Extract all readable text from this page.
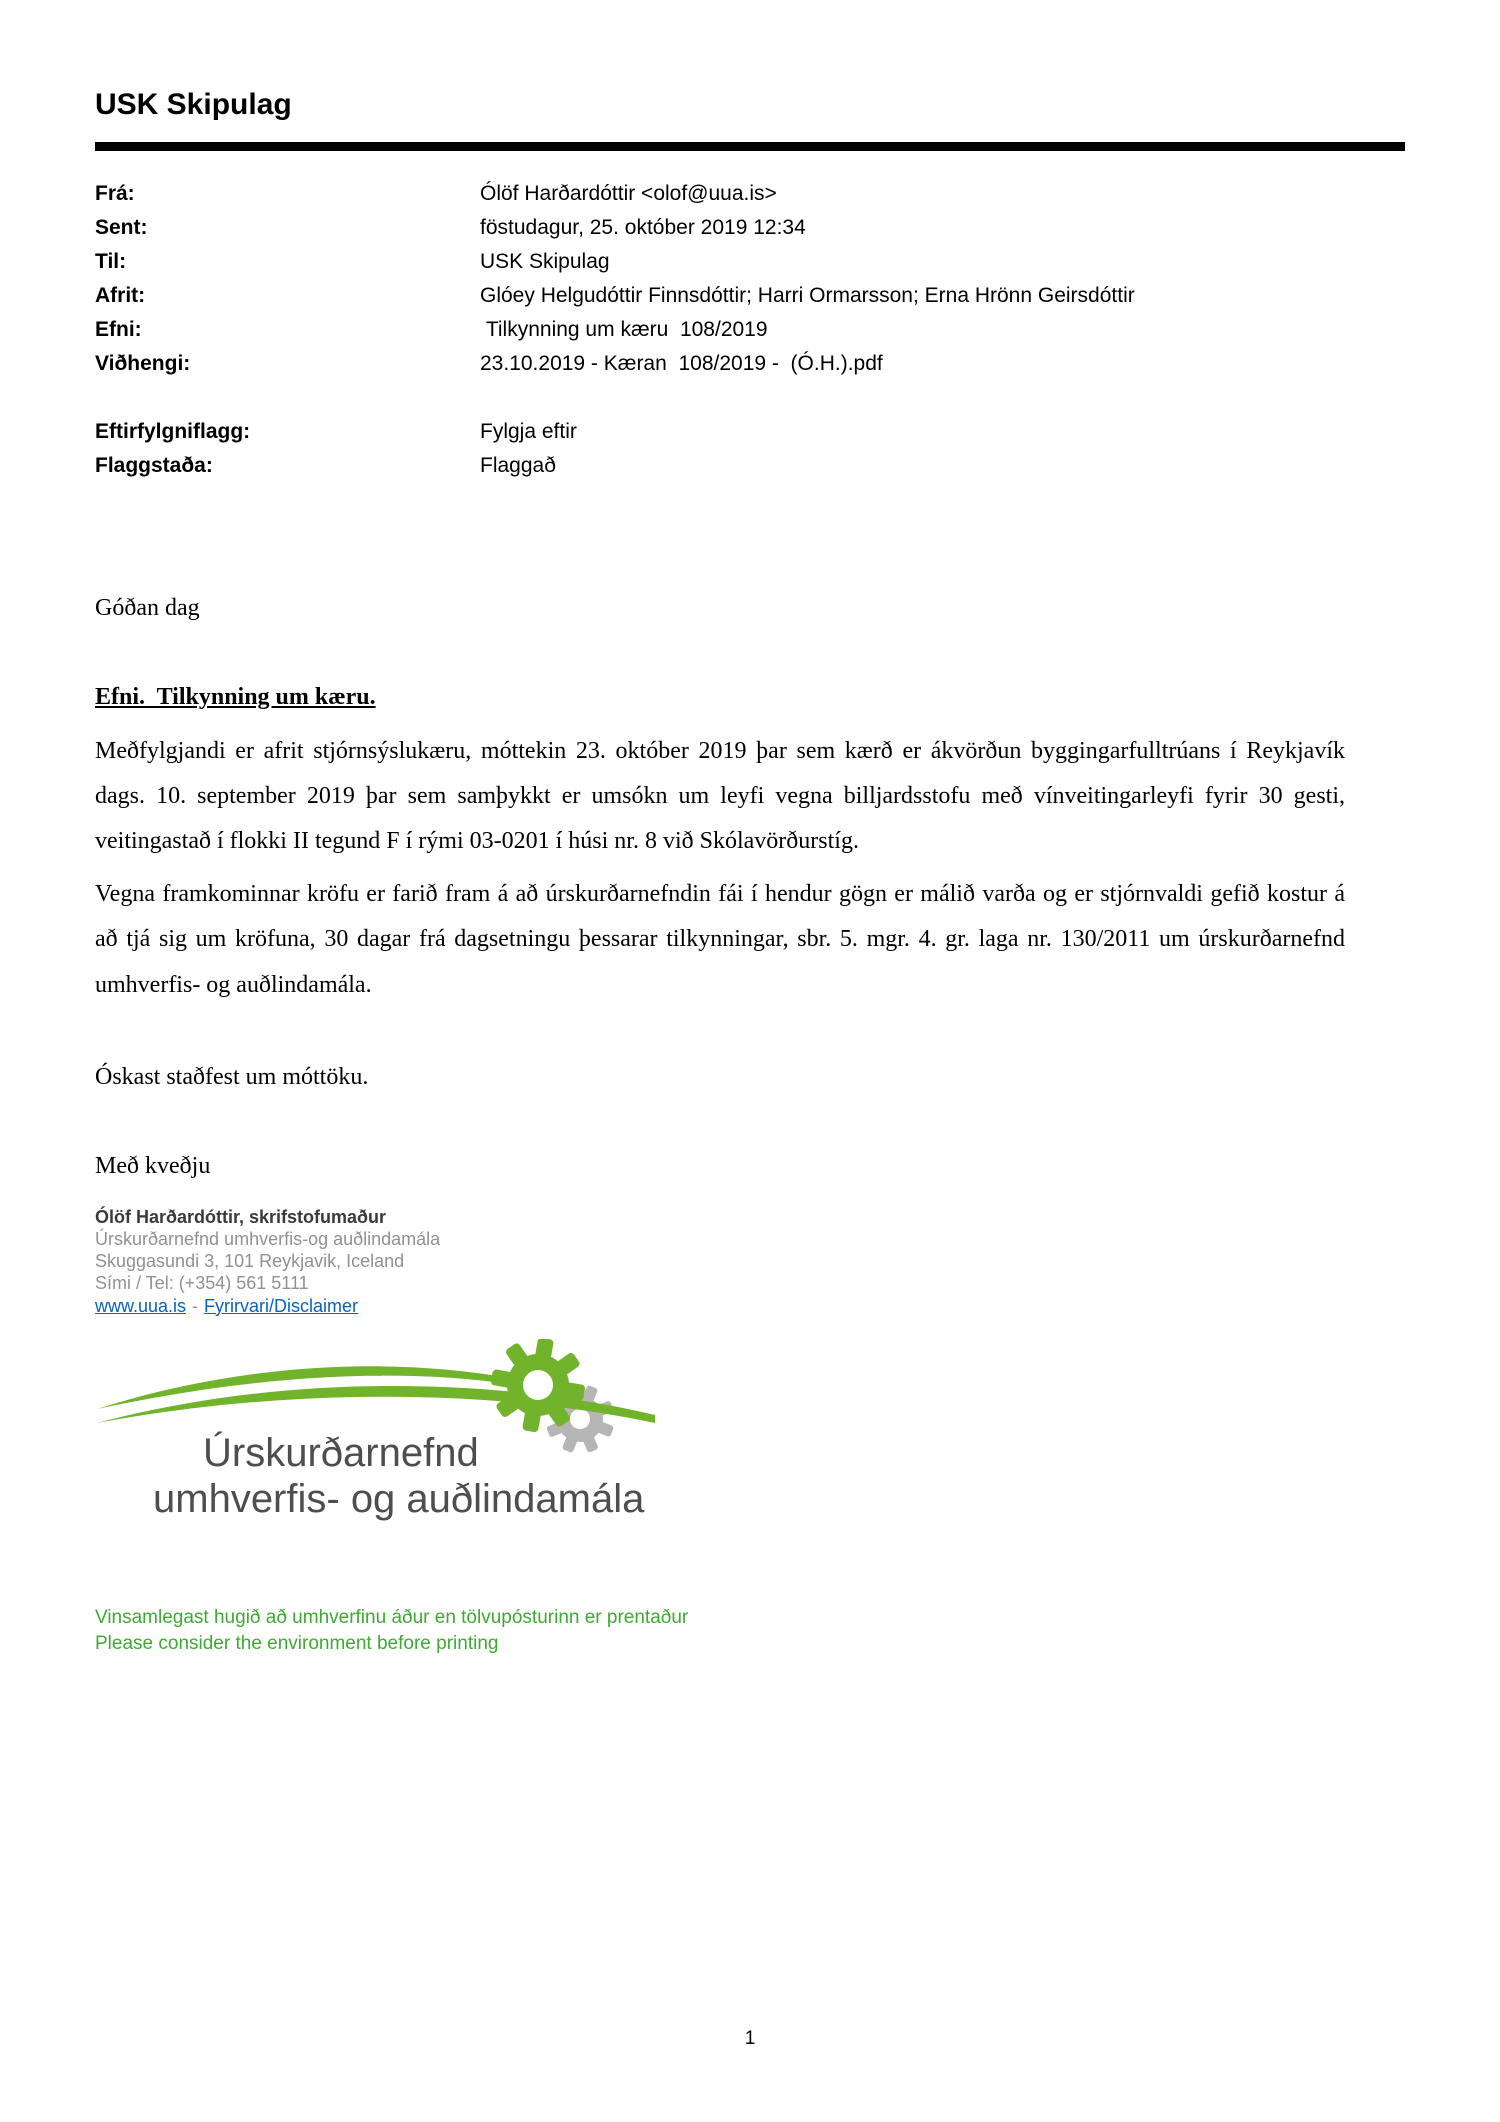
USK Skipulag
Frá:	Ólöf Harðardóttir <olof@uua.is>
Sent:	föstudagur, 25. október 2019 12:34
Til:	USK Skipulag
Afrit:	Glóey Helgudóttir Finnsdóttir; Harri Ormarsson; Erna Hrönn Geirsdóttir
Efni:	Tilkynning um kæru  108/2019
Viðhengi:	23.10.2019 - Kæran  108/2019 -  (Ó.H.).pdf
Eftirfylgniflagg:	Fylgja eftir
Flaggstaða:	Flaggað

Góðan dag

Efni.  Tilkynning um kæru.

Meðfylgjandi er afrit stjórnsýslukæru, móttekin 23. október 2019 þar sem kærð er ákvörðun byggingarfulltrúans í Reykjavík dags. 10. september 2019 þar sem samþykkt er umsókn um leyfi vegna billjardsstofu með vínveitingarleyfi fyrir 30 gesti, veitingastað í flokki II tegund F í rými 03-0201 í húsi nr. 8 við Skólavörðurstíg.

Vegna framkominnar kröfu er farið fram á að úrskurðarnefndin fái í hendur gögn er málið varða og er stjórnvaldi gefið kostur á að tjá sig um kröfuna, 30 dagar frá dagsetningu þessarar tilkynningar, sbr. 5. mgr. 4. gr. laga nr. 130/2011 um úrskurðarnefnd umhverfis- og auðlindamála.

Óskast staðfest um móttöku.

Með kveðju

Ólöf Harðardóttir, skrifstofumaður
Úrskurðarnefnd umhverfis-og auðlindamála
Skuggasundi 3, 101 Reykjavik, Iceland
Sími / Tel: (+354) 561 5111
www.uua.is - Fyrirvari/Disclaimer
Úrskurðarnefnd
umhverfis- og auðlindamála
Vinsamlegast hugið að umhverfinu áður en tölvupósturinn er prentaður
Please consider the environment before printing
1
